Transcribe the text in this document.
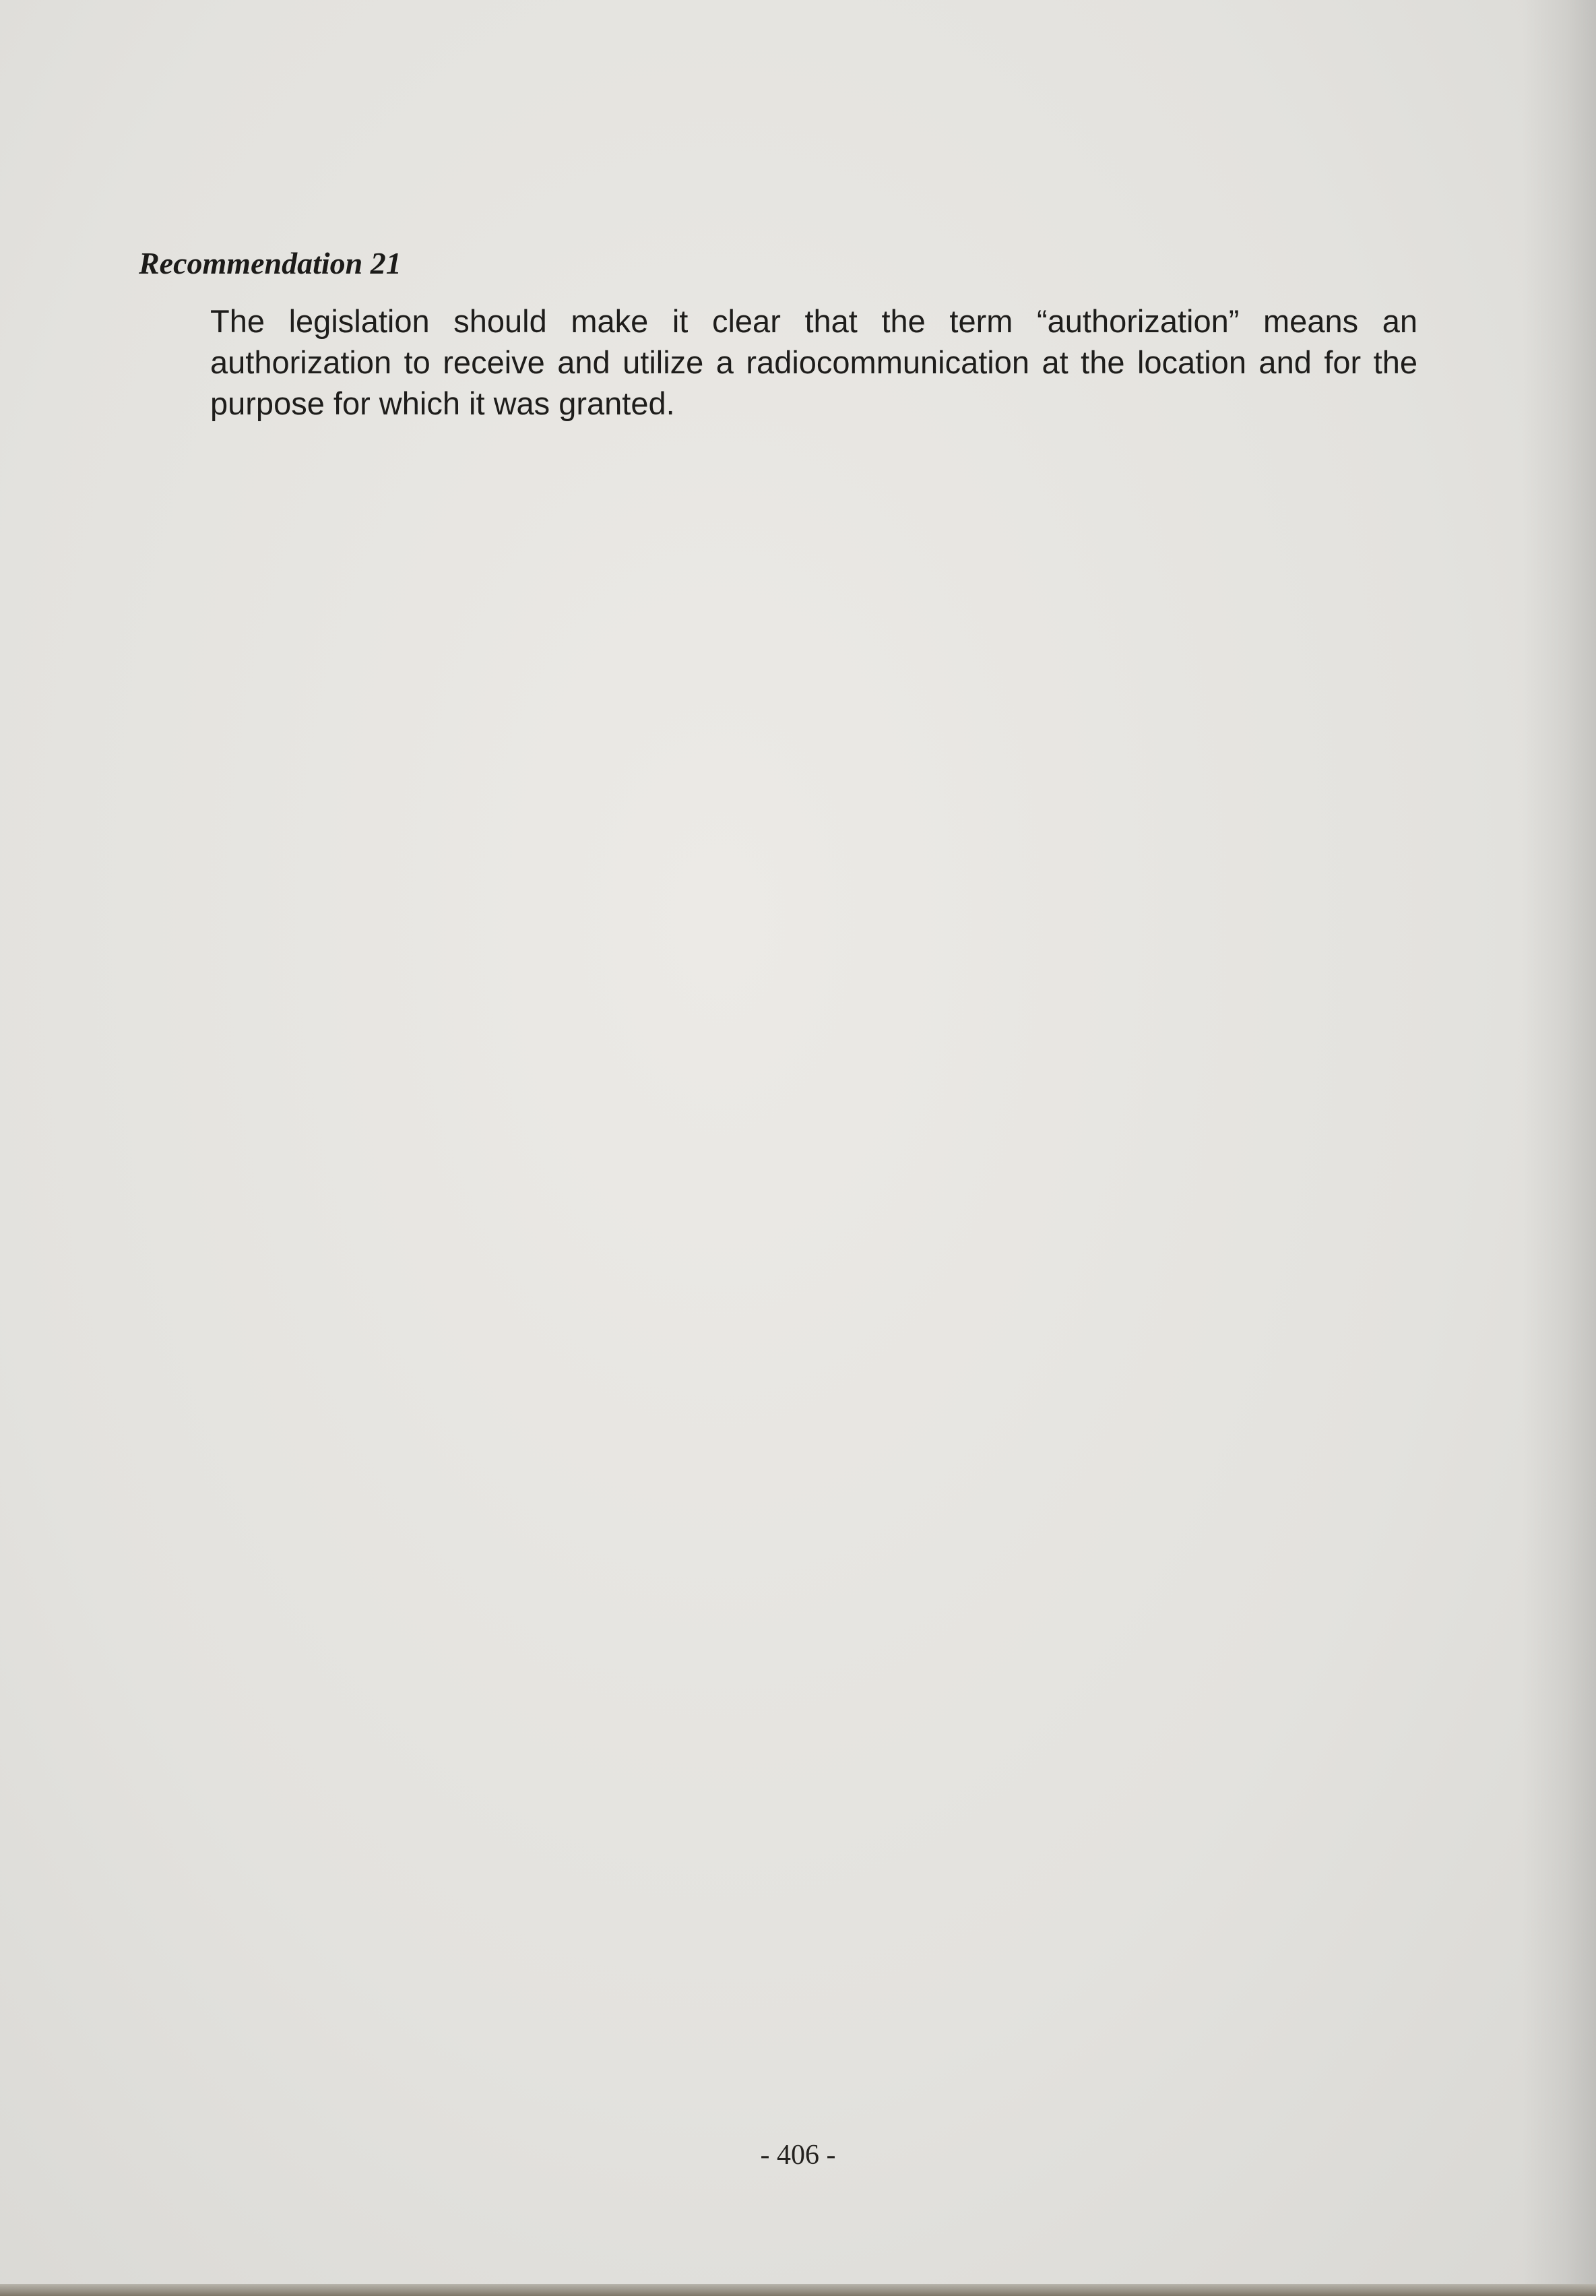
Recommendation 21

The legislation should make it clear that the term “authorization” means an authorization to receive and utilize a radiocommunication at the location and for the purpose for which it was granted.

- 406 -
